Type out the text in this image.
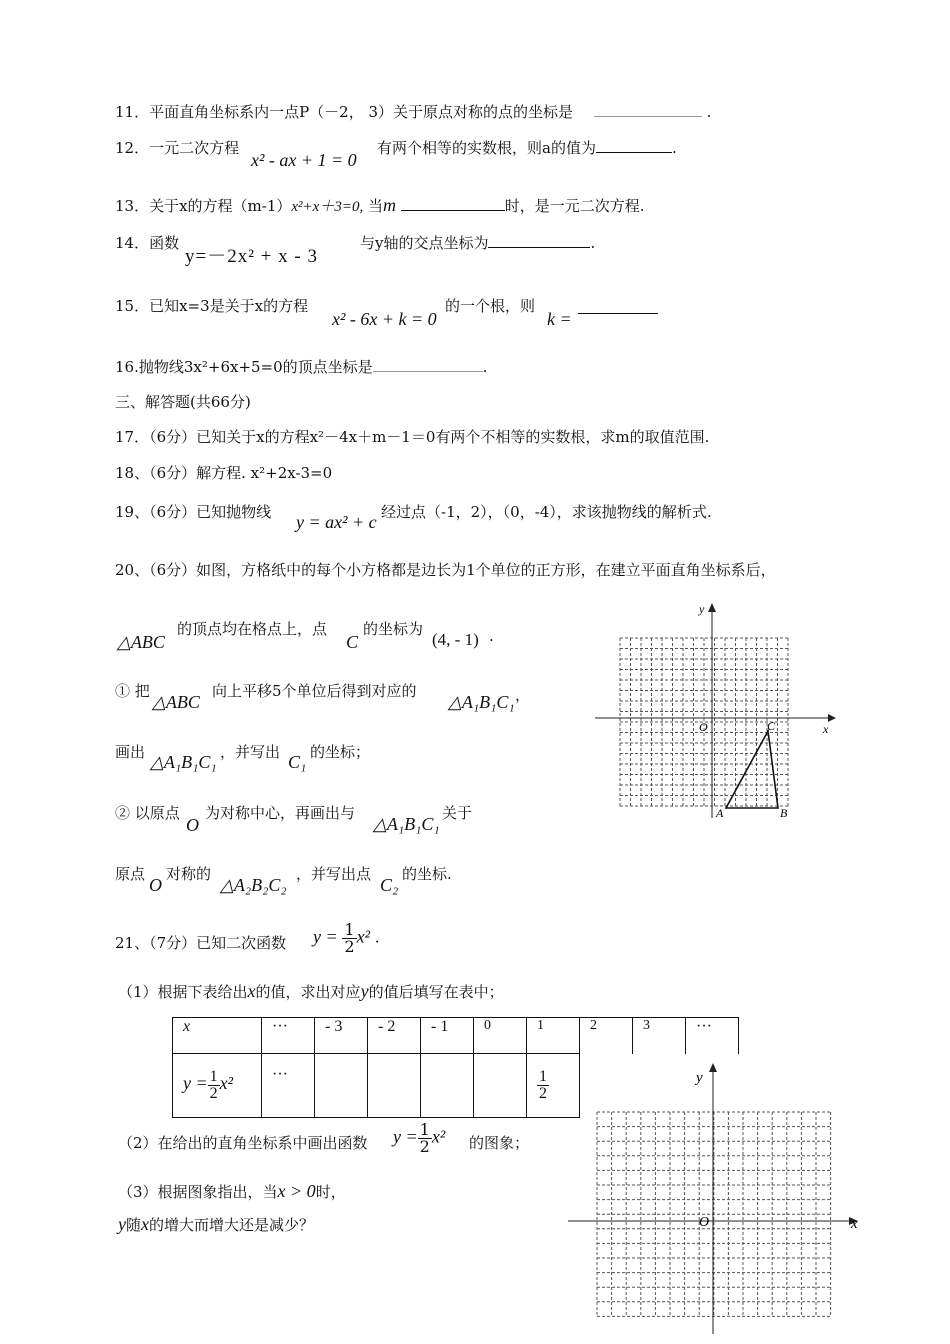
11．平面直角坐标系内一点P（－2， 3）关于原点对称的点的坐标是	.
12．一元二次方程
x² - ax + 1 = 0
有两个相等的实数根，则a的值为	.
13．关于x的方程（m-1）x²+x＋3=0, 当m	时，是一元二次方程.
14．函数
y=－2x² + x - 3
与y轴的交点坐标为	.
15．已知x=3是关于x的方程
x² - 6x + k = 0
的一个根，则
k =
16.抛物线3x²+6x+5=0的顶点坐标是	.
三、解答题(共66分)
17．（6分）已知关于x的方程x²－4x＋m－1＝0有两个不相等的实数根，求m的取值范围.
18、（6分）解方程. x²+2x-3=0
19、（6分）已知抛物线 y = ax² + c 经过点（-1，2），（0，-4），求该抛物线的解析式.
20、（6分）如图，方格纸中的每个小方格都是边长为1个单位的正方形，在建立平面直角坐标系后，
△ABC
的顶点均在格点上，点
C
的坐标为
(4, - 1) .
① 把
△ABC
向上平移5个单位后得到对应的
△A₁B₁C₁ ，
画出 △A₁B₁C₁ ，并写出 C₁ 的坐标；
② 以原点
O
为对称中心，再画出与
△A₁B₁C₁
关于
原点
O
对称的
△A₂B₂C₂
，并写出点
C₂
的坐标.
y
x
O
A	B
C
21、（7分）已知二次函数 $y = \frac{1}{2} x^2$ .
（1）根据下表给出x的值，求出对应y的值后填写在表中；
x	···	- 3	- 2	- 1	0	1	2	3	···
$y = \frac{1}{2} x^2$	···					$\frac{1}{2}$
（2）在给出的直角坐标系中画出函数 $y = \frac{1}{2} x^2$ 的图象；
（3）根据图象指出，当x > 0时，
y随x的增大而增大还是减少？
y
x
O
